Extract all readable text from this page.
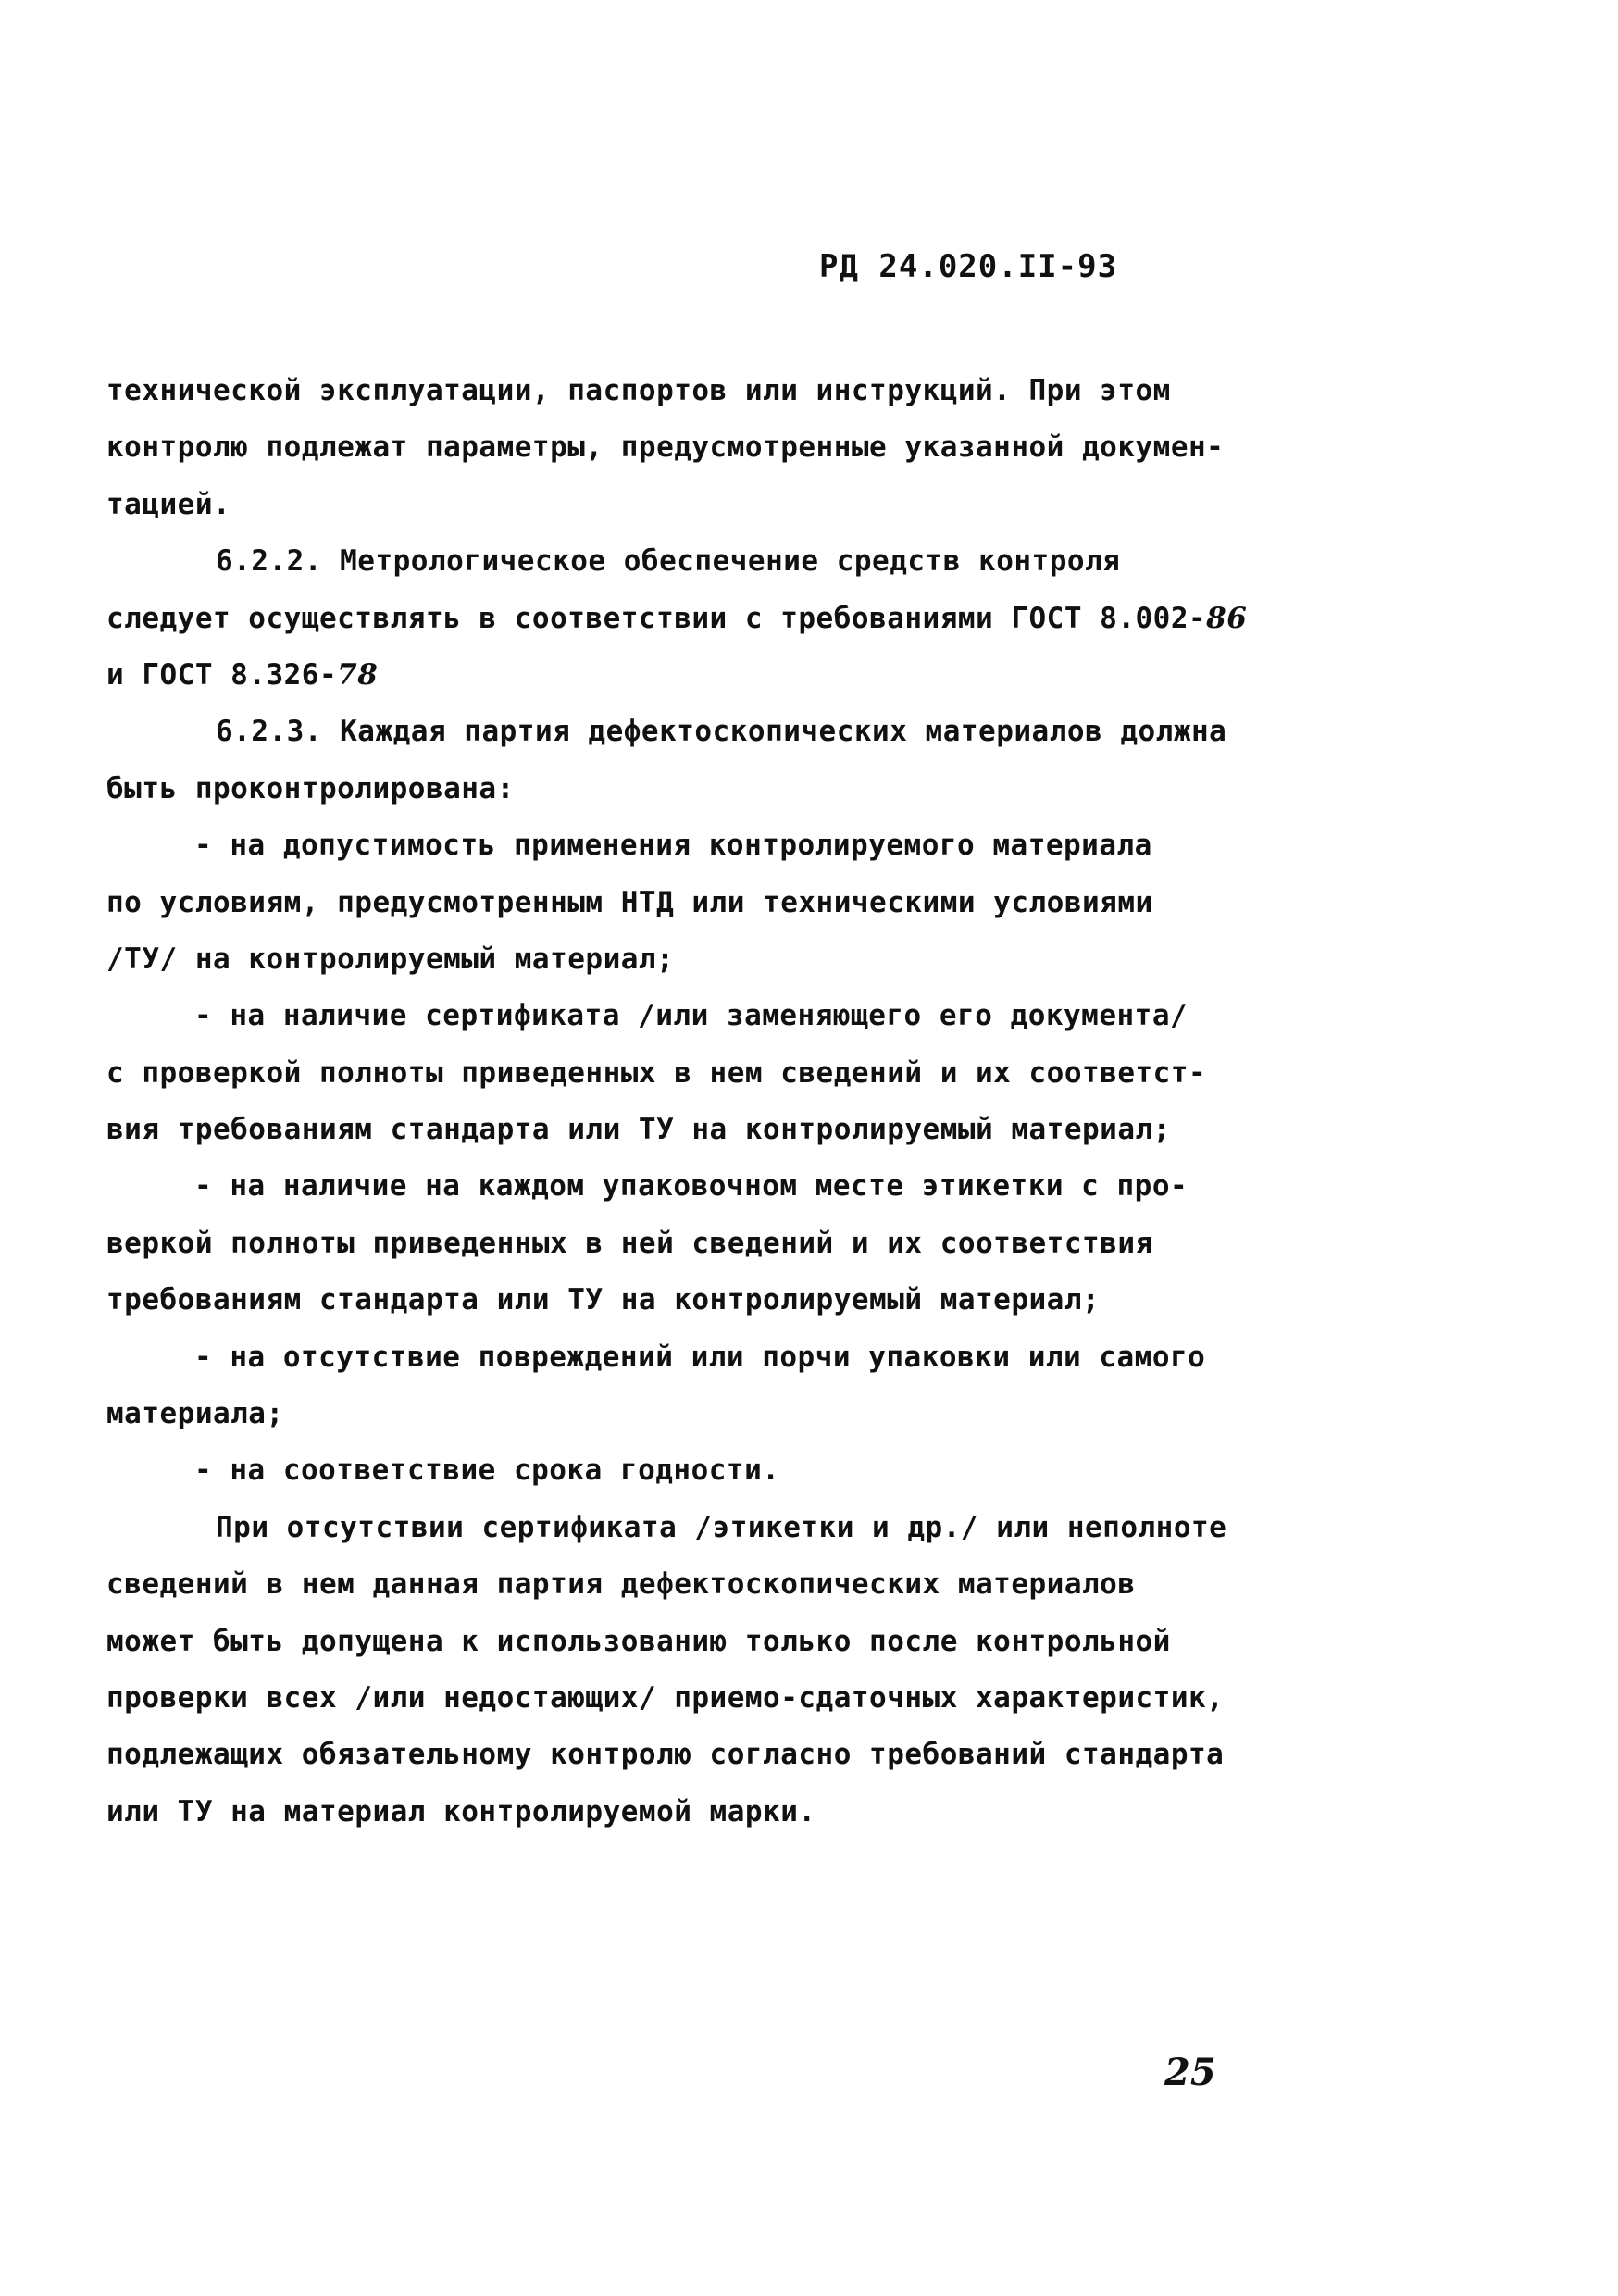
РД 24.020.II-93
технической эксплуатации, паспортов или инструкций. При этом
контролю подлежат параметры, предусмотренные указанной докумен-
тацией.
6.2.2. Метрологическое обеспечение средств контроля
следует осуществлять в соответствии с требованиями ГОСТ 8.002-86
и ГОСТ 8.326-78
6.2.3. Каждая партия дефектоскопических материалов должна
быть проконтролирована:
- на допустимость применения контролируемого материала
по условиям, предусмотренным НТД или техническими условиями
/ТУ/ на контролируемый материал;
- на наличие сертификата /или заменяющего его документа/
с проверкой полноты приведенных в нем сведений и их соответст-
вия требованиям стандарта или ТУ на контролируемый материал;
- на наличие на каждом упаковочном месте этикетки с про-
веркой полноты приведенных в ней сведений и их соответствия
требованиям стандарта или ТУ на контролируемый материал;
- на отсутствие повреждений или порчи упаковки или самого
материала;
- на соответствие срока годности.
При отсутствии сертификата /этикетки и др./ или неполноте
сведений в нем данная партия дефектоскопических материалов
может быть допущена к использованию только после контрольной
проверки всех /или недостающих/ приемо-сдаточных характеристик,
подлежащих обязательному контролю согласно требований стандарта
или ТУ на материал контролируемой марки.
25
